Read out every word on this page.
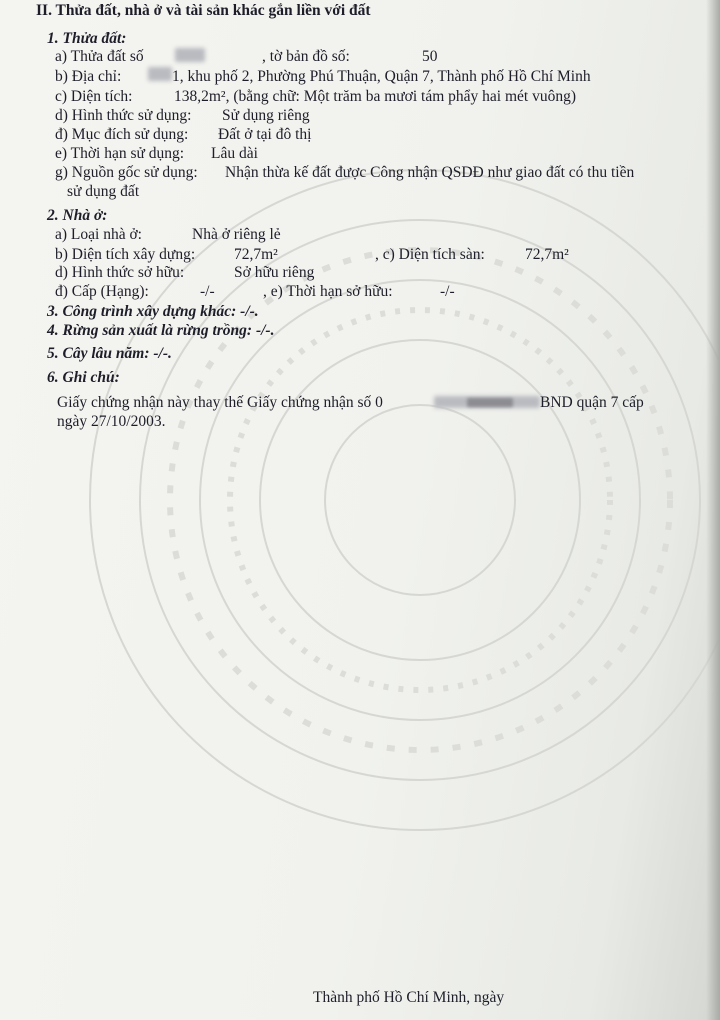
II. Thửa đất, nhà ở và tài sản khác gắn liền với đất
1. Thửa đất:
a) Thửa đất số	, tờ bản đồ số:	50
b) Địa chỉ:	1, khu phố 2, Phường Phú Thuận, Quận 7, Thành phố Hồ Chí Minh
c) Diện tích:	138,2m², (bằng chữ: Một trăm ba mươi tám phẩy hai mét vuông)
d) Hình thức sử dụng: Sử dụng riêng
đ) Mục đích sử dụng: Đất ở tại đô thị
e) Thời hạn sử dụng: Lâu dài
g) Nguồn gốc sử dụng: Nhận thừa kế đất được Công nhận QSDĐ như giao đất có thu tiền
sử dụng đất
2. Nhà ở:
a) Loại nhà ở:	Nhà ở riêng lẻ
b) Diện tích xây dựng:	72,7m²	, c) Diện tích sàn:	72,7m²
d) Hình thức sở hữu:	Sở hữu riêng
đ) Cấp (Hạng):	-/-	, e) Thời hạn sở hữu:	-/-
3. Công trình xây dựng khác: -/-.
4. Rừng sản xuất là rừng trồng: -/-.
5. Cây lâu năm: -/-.
6. Ghi chú:
Giấy chứng nhận này thay thế Giấy chứng nhận số 0	BND quận 7 cấp
ngày 27/10/2003.
Thành phố Hồ Chí Minh, ngày
